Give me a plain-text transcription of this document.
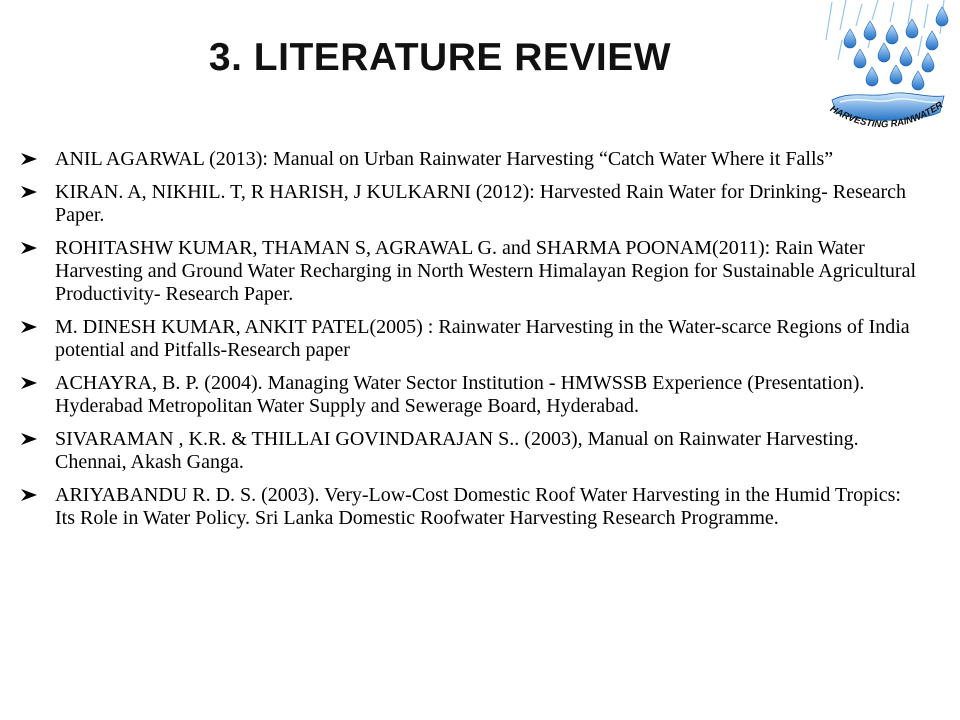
3. LITERATURE REVIEW
HARVESTING RAINWATER
ANIL AGARWAL (2013): Manual on Urban Rainwater Harvesting “Catch Water Where it Falls”
KIRAN. A, NIKHIL. T, R HARISH, J KULKARNI (2012): Harvested Rain Water for Drinking- Research Paper.
ROHITASHW KUMAR, THAMAN S, AGRAWAL G. and SHARMA POONAM(2011): Rain Water Harvesting and Ground Water Recharging in North Western Himalayan Region for Sustainable Agricultural Productivity- Research Paper.
M. DINESH KUMAR, ANKIT PATEL(2005) : Rainwater Harvesting in the Water-scarce Regions of India potential and Pitfalls-Research paper
ACHAYRA, B. P. (2004). Managing Water Sector Institution - HMWSSB Experience (Presentation). Hyderabad Metropolitan Water Supply and Sewerage Board, Hyderabad.
SIVARAMAN , K.R. & THILLAI GOVINDARAJAN S.. (2003), Manual on Rainwater Harvesting. Chennai, Akash Ganga.
ARIYABANDU R. D. S. (2003). Very-Low-Cost Domestic Roof Water Harvesting in the Humid Tropics: Its Role in Water Policy. Sri Lanka Domestic Roofwater Harvesting Research Programme.
